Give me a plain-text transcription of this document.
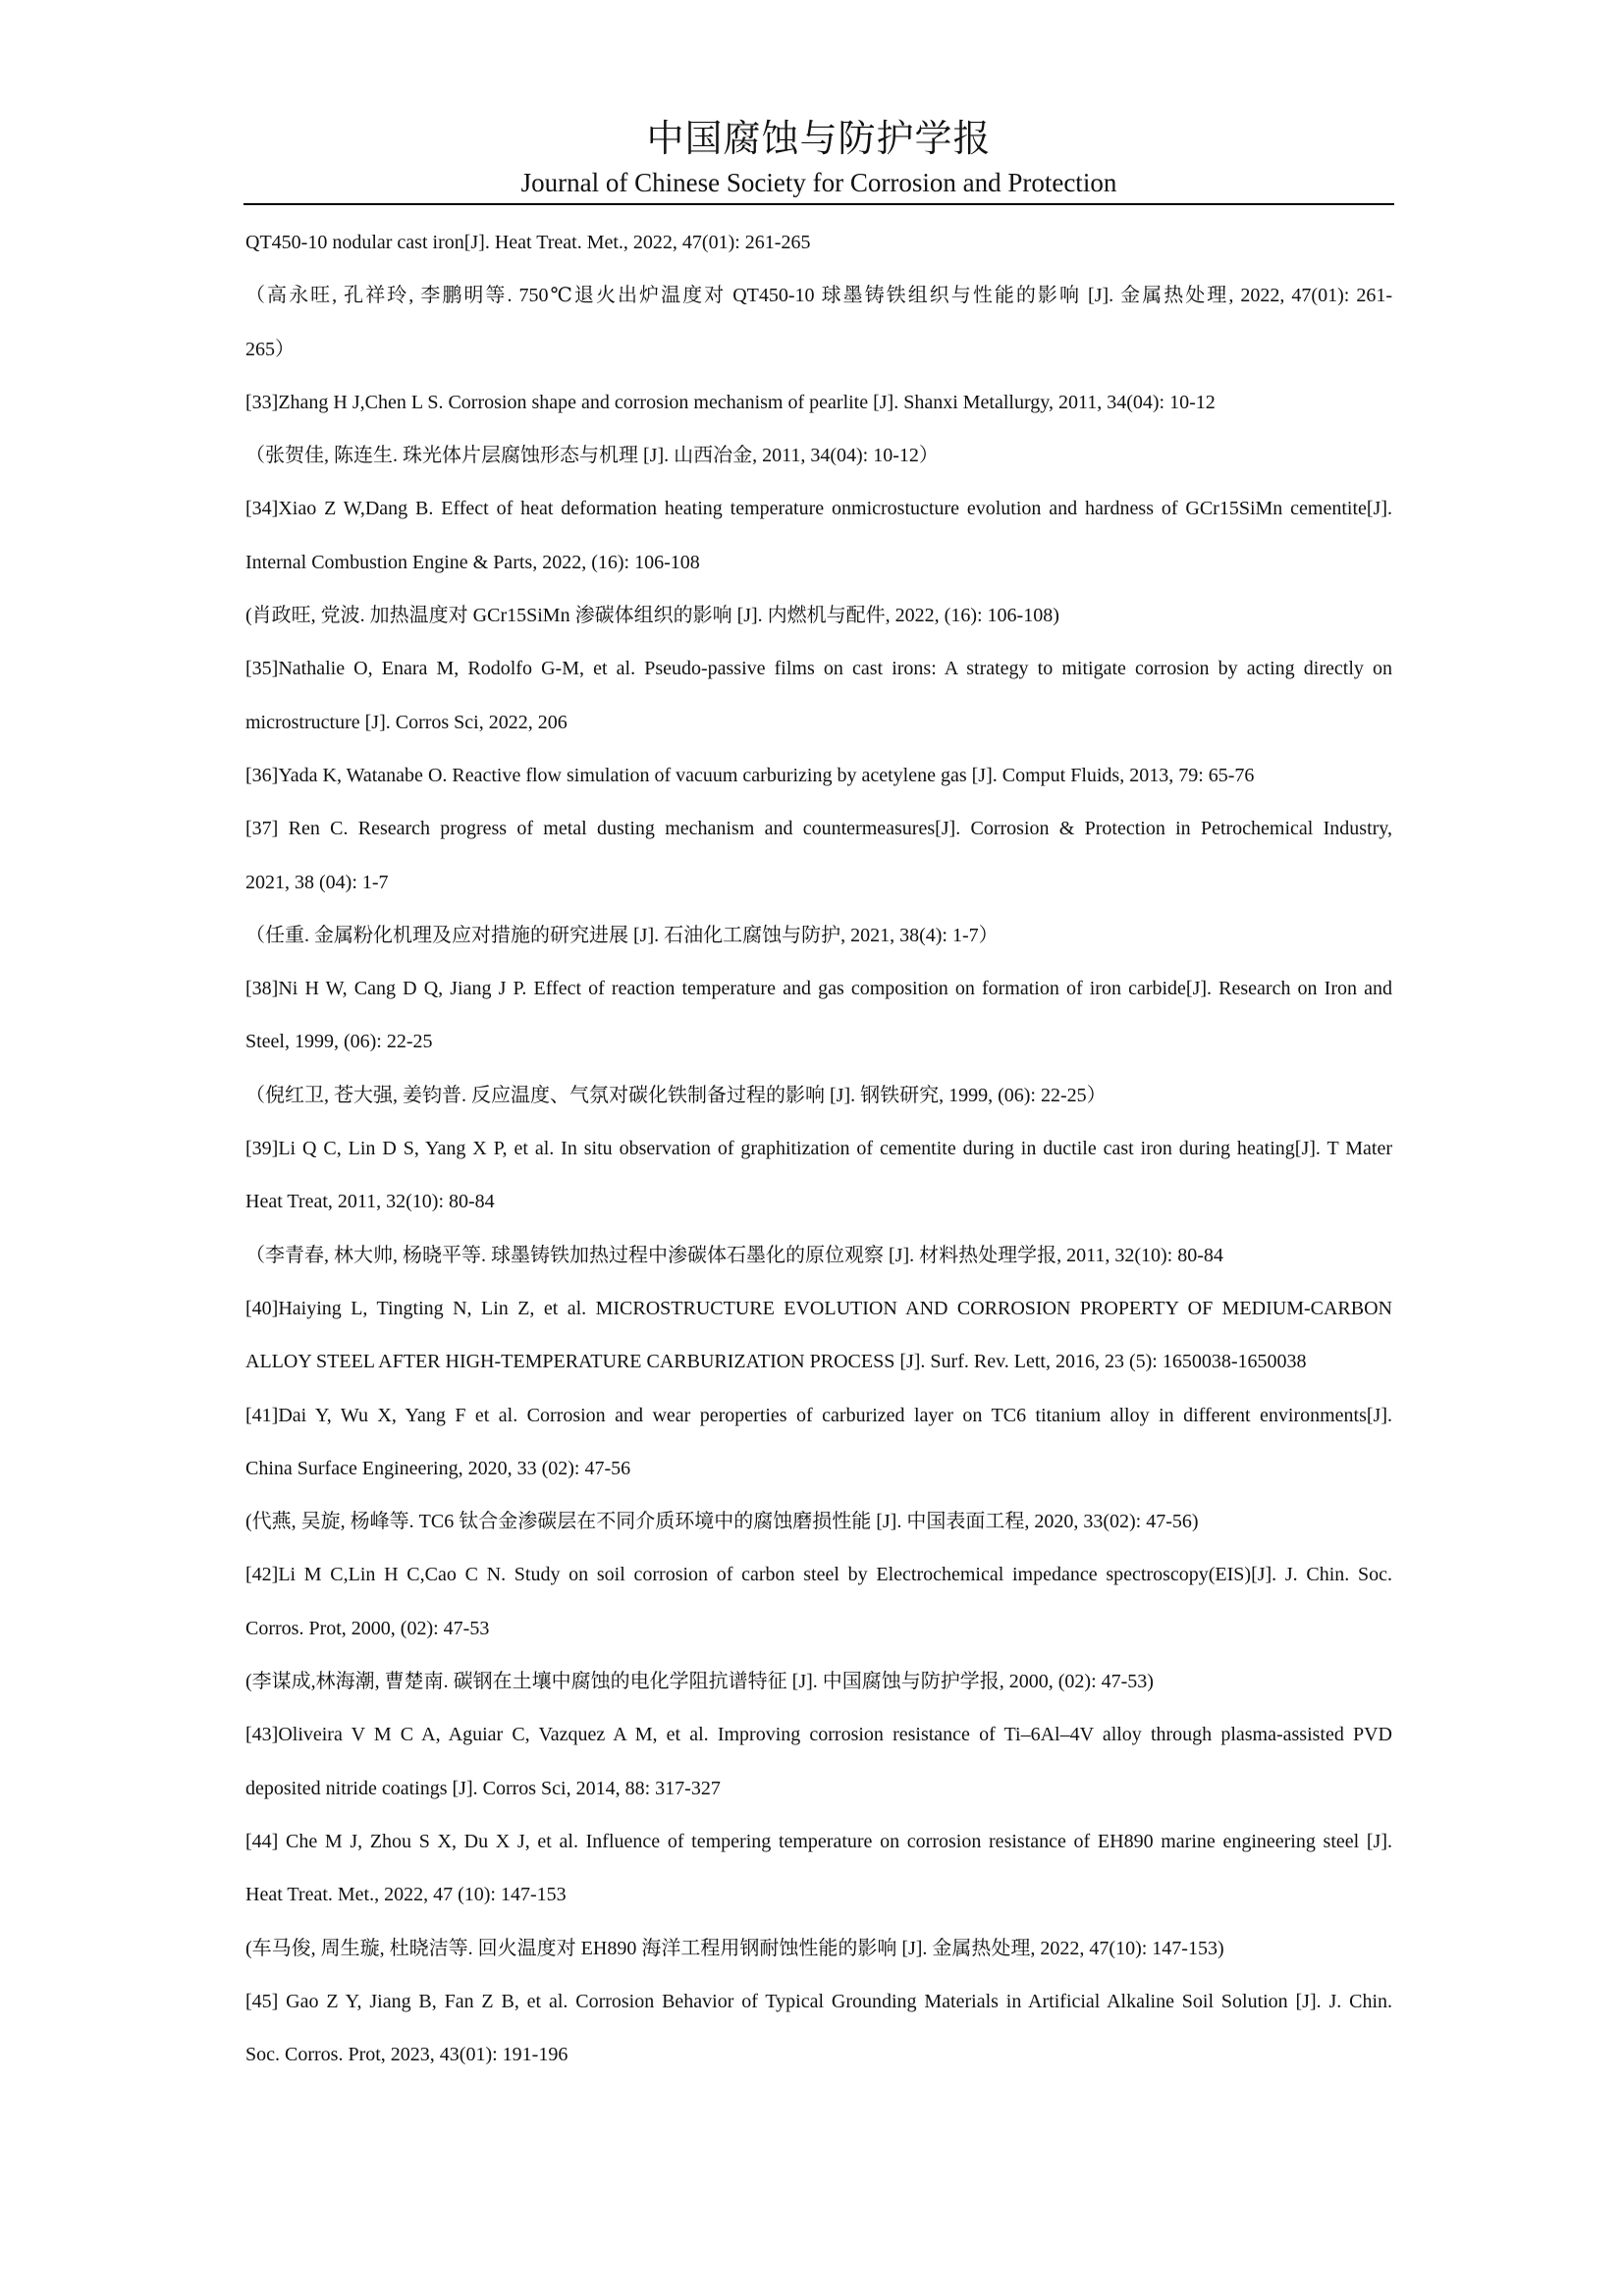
中国腐蚀与防护学报
Journal of Chinese Society for Corrosion and Protection
QT450-10 nodular cast iron[J]. Heat Treat. Met., 2022, 47(01): 261-265
（高永旺, 孔祥玲, 李鹏明等. 750℃退火出炉温度对 QT450-10 球墨铸铁组织与性能的影响 [J]. 金属热处理, 2022, 47(01): 261-
265）
[33]Zhang H J,Chen L S. Corrosion shape and corrosion mechanism of pearlite [J]. Shanxi Metallurgy, 2011, 34(04): 10-12
（张贺佳, 陈连生. 珠光体片层腐蚀形态与机理 [J]. 山西冶金, 2011, 34(04): 10-12）
[34]Xiao Z W,Dang B. Effect of heat deformation heating temperature onmicrostucture evolution and hardness of GCr15SiMn cementite[J].
Internal Combustion Engine & Parts, 2022, (16): 106-108
(肖政旺, 党波. 加热温度对 GCr15SiMn 渗碳体组织的影响 [J]. 内燃机与配件, 2022, (16): 106-108)
[35]Nathalie O, Enara M, Rodolfo G-M, et al. Pseudo-passive films on cast irons: A strategy to mitigate corrosion by acting directly on
microstructure [J]. Corros Sci, 2022, 206
[36]Yada K, Watanabe O. Reactive flow simulation of vacuum carburizing by acetylene gas [J]. Comput Fluids, 2013, 79: 65-76
[37] Ren C. Research progress of metal dusting mechanism and countermeasures[J]. Corrosion & Protection in Petrochemical Industry,
2021, 38 (04): 1-7
（任重. 金属粉化机理及应对措施的研究进展 [J]. 石油化工腐蚀与防护, 2021, 38(4): 1-7）
[38]Ni H W, Cang D Q, Jiang J P. Effect of reaction temperature and gas composition on formation of iron carbide[J]. Research on Iron and
Steel, 1999, (06): 22-25
（倪红卫, 苍大强, 姜钧普. 反应温度、气氛对碳化铁制备过程的影响 [J]. 钢铁研究, 1999, (06): 22-25）
[39]Li Q C, Lin D S, Yang X P, et al. In situ observation of graphitization of cementite during in ductile cast iron during heating[J]. T Mater
Heat Treat, 2011, 32(10): 80-84
（李青春, 林大帅, 杨晓平等. 球墨铸铁加热过程中渗碳体石墨化的原位观察 [J]. 材料热处理学报, 2011, 32(10): 80-84
[40]Haiying L, Tingting N, Lin Z, et al. MICROSTRUCTURE EVOLUTION AND CORROSION PROPERTY OF MEDIUM-CARBON
ALLOY STEEL AFTER HIGH-TEMPERATURE CARBURIZATION PROCESS [J]. Surf. Rev. Lett, 2016, 23 (5): 1650038-1650038
[41]Dai Y, Wu X, Yang F et al. Corrosion and wear peroperties of carburized layer on TC6 titanium alloy in different environments[J].
China Surface Engineering, 2020, 33 (02): 47-56
(代燕, 吴旋, 杨峰等. TC6 钛合金渗碳层在不同介质环境中的腐蚀磨损性能 [J]. 中国表面工程, 2020, 33(02): 47-56)
[42]Li M C,Lin H C,Cao C N. Study on soil corrosion of carbon steel by Electrochemical impedance spectroscopy(EIS)[J]. J. Chin. Soc.
Corros. Prot, 2000, (02): 47-53
(李谋成,林海潮, 曹楚南. 碳钢在土壤中腐蚀的电化学阻抗谱特征 [J]. 中国腐蚀与防护学报, 2000, (02): 47-53)
[43]Oliveira V M C A, Aguiar C, Vazquez A M, et al. Improving corrosion resistance of Ti–6Al–4V alloy through plasma-assisted PVD
deposited nitride coatings [J]. Corros Sci, 2014, 88: 317-327
[44] Che M J, Zhou S X, Du X J, et al. Influence of tempering temperature on corrosion resistance of EH890 marine engineering steel [J].
Heat Treat. Met., 2022, 47 (10): 147-153
(车马俊, 周生璇, 杜晓洁等. 回火温度对 EH890 海洋工程用钢耐蚀性能的影响 [J]. 金属热处理, 2022, 47(10): 147-153)
[45] Gao Z Y, Jiang B, Fan Z B, et al. Corrosion Behavior of Typical Grounding Materials in Artificial Alkaline Soil Solution [J]. J. Chin.
Soc. Corros. Prot, 2023, 43(01): 191-196
